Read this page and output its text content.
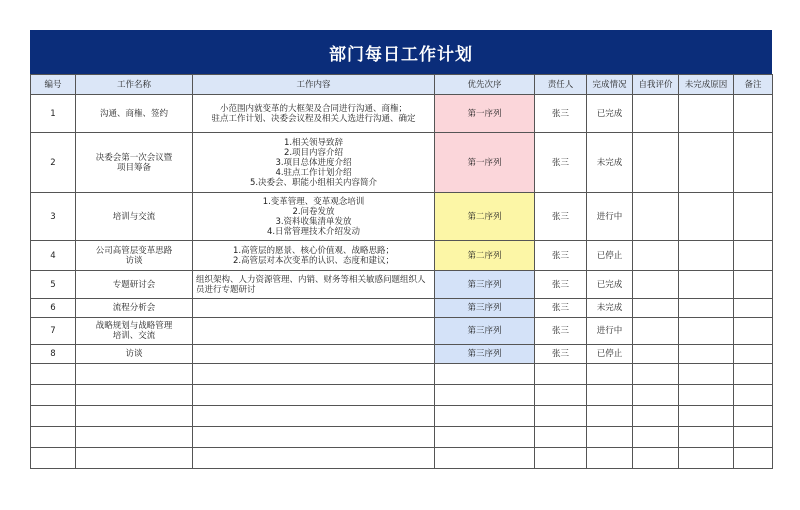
部门每日工作计划
编号	工作名称	工作内容	优先次序	责任人	完成情况	自我评价	未完成原因	备注
1	沟通、商権、签约	小范围内就变革的大框架及合同进行沟通、商権；
驻点工作计划、决委会议程及相关人选进行沟通、确定	第一序列	张三	已完成			
2	决委会第一次会议暨
项目筹备	1.相关领导致辞
2.项目内容介绍
3.项目总体进度介绍
4.驻点工作计划介绍
5.决委会、职能小组相关内容简介	第一序列	张三	未完成			
3	培训与交流	1.变革管理、变革观念培训
2.问卷发放
3.资料收集清单发放
4.日常管理技术介绍发动	第二序列	张三	进行中			
4	公司高管层变革思路
访谈	1.高管层的愿景、核心价值观、战略思路；
2.高管层对本次变革的认识、态度和建议；	第二序列	张三	已停止			
5	专题研讨会	组织架构、人力资源管理、内销、财务等相关敏感问题组织人
员进行专题研讨	第三序列	张三	已完成			
6	流程分析会		第三序列	张三	未完成			
7	战略规划与战略管理
培训、交流		第三序列	张三	进行中			
8	访谈		第三序列	张三	已停止			
